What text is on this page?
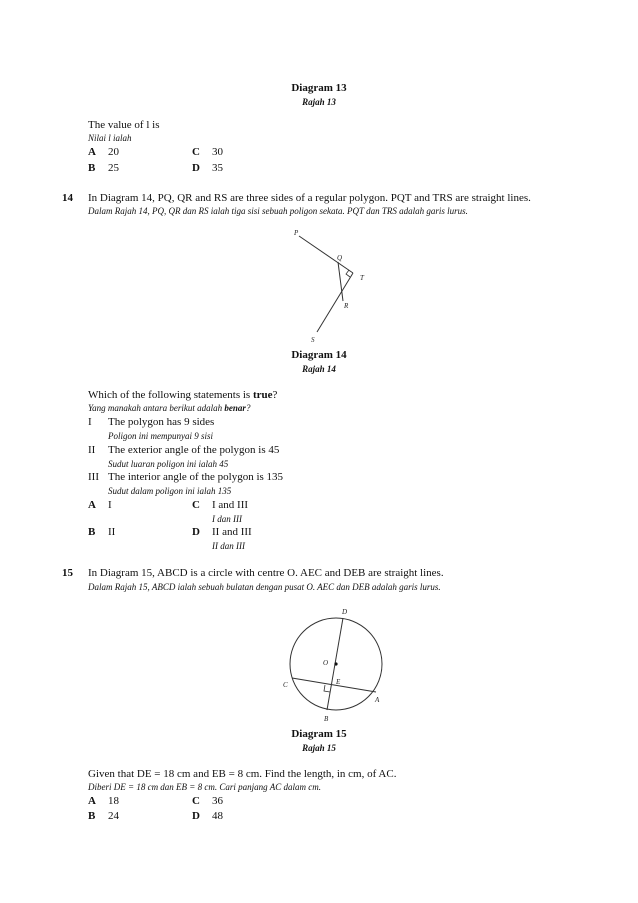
Diagram 13
Rajah 13
The value of l is
Nilai l ialah
A 20	C 30
B 25	D 35
14 In Diagram 14, PQ, QR and RS are three sides of a regular polygon. PQT and TRS are straight lines.
Dalam Rajah 14, PQ, QR dan RS ialah tiga sisi sebuah poligon sekata. PQT dan TRS adalah garis lurus.
P
Q
T
R
S
Diagram 14
Rajah 14
Which of the following statements is true?
Yang manakah antara berikut adalah benar?
I The polygon has 9 sides
Poligon ini mempunyai 9 sisi
II The exterior angle of the polygon is 45
Sudut luaran poligon ini ialah 45
III The interior angle of the polygon is 135
Sudut dalam poligon ini ialah 135
A I	C I and III
I dan III
B II	D II and III
II dan III
15 In Diagram 15, ABCD is a circle with centre O. AEC and DEB are straight lines.
Dalam Rajah 15, ABCD ialah sebuah bulatan dengan pusat O. AEC dan DEB adalah garis lurus.
D
O
E
C
A
B
Diagram 15
Rajah 15
Given that DE = 18 cm and EB = 8 cm. Find the length, in cm, of AC.
Diberi DE = 18 cm dan EB = 8 cm. Cari panjang AC dalam cm.
A 18	C 36
B 24	D 48
